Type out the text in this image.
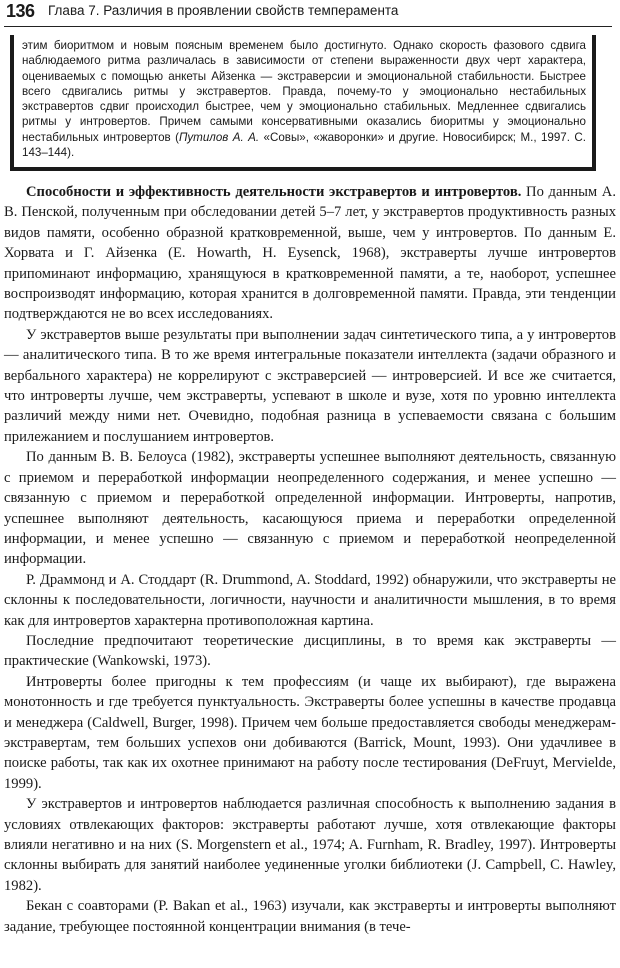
136 Глава 7. Различия в проявлении свойств темперамента
этим биоритмом и новым поясным временем было достигнуто. Однако скорость фазового сдвига наблюдаемого ритма различалась в зависимости от степени выраженности двух черт характера, оцениваемых с помощью анкеты Айзенка — экстраверсии и эмоциональной стабильности. Быстрее всего сдвигались ритмы у экстравертов. Правда, почему-то у эмоционально нестабильных экстравертов сдвиг происходил быстрее, чем у эмоционально стабильных. Медленнее сдвигались ритмы у интровертов. Причем самыми консервативными оказались биоритмы у эмоционально нестабильных интровертов (Путилов А. А. «Совы», «жаворонки» и другие. Новосибирск; М., 1997. С. 143–144).

Способности и эффективность деятельности экстравертов и интровертов. По данным А. В. Пенской, полученным при обследовании детей 5–7 лет, у экстравертов продуктивность разных видов памяти, особенно образной кратковременной, выше, чем у интровертов. По данным Е. Хорвата и Г. Айзенка (E. Howarth, H. Eysenck, 1968), экстраверты лучше интровертов припоминают информацию, хранящуюся в кратковременной памяти, а те, наоборот, успешнее воспроизводят информацию, которая хранится в долговременной памяти. Правда, эти тенденции подтверждаются не во всех исследованиях.

У экстравертов выше результаты при выполнении задач синтетического типа, а у интровертов — аналитического типа. В то же время интегральные показатели интеллекта (задачи образного и вербального характера) не коррелируют с экстраверсией — интроверсией. И все же считается, что интроверты лучше, чем экстраверты, успевают в школе и вузе, хотя по уровню интеллекта различий между ними нет. Очевидно, подобная разница в успеваемости связана с большим прилежанием и послушанием интровертов.

По данным В. В. Белоуса (1982), экстраверты успешнее выполняют деятельность, связанную с приемом и переработкой информации неопределенного содержания, и менее успешно — связанную с приемом и переработкой определенной информации. Интроверты, напротив, успешнее выполняют деятельность, касающуюся приема и переработки определенной информации, и менее успешно — связанную с приемом и переработкой неопределенной информации.

Р. Драммонд и А. Стоддарт (R. Drummond, A. Stoddard, 1992) обнаружили, что экстраверты не склонны к последовательности, логичности, научности и аналитичности мышления, в то время как для интровертов характерна противоположная картина.

Последние предпочитают теоретические дисциплины, в то время как экстраверты — практические (Wankowski, 1973).

Интроверты более пригодны к тем профессиям (и чаще их выбирают), где выражена монотонность и где требуется пунктуальность. Экстраверты более успешны в качестве продавца и менеджера (Caldwell, Burger, 1998). Причем чем больше предоставляется свободы менеджерам-экстравертам, тем больших успехов они добиваются (Barrick, Mount, 1993). Они удачливее в поиске работы, так как их охотнее принимают на работу после тестирования (DeFruyt, Mervielde, 1999).

У экстравертов и интровертов наблюдается различная способность к выполнению задания в условиях отвлекающих факторов: экстраверты работают лучше, хотя отвлекающие факторы влияли негативно и на них (S. Morgenstern et al., 1974; A. Furnham, R. Bradley, 1997). Интроверты склонны выбирать для занятий наиболее уединенные уголки библиотеки (J. Campbell, C. Hawley, 1982).

Бекан с соавторами (P. Bakan et al., 1963) изучали, как экстраверты и интроверты выполняют задание, требующее постоянной концентрации внимания (в тече-
